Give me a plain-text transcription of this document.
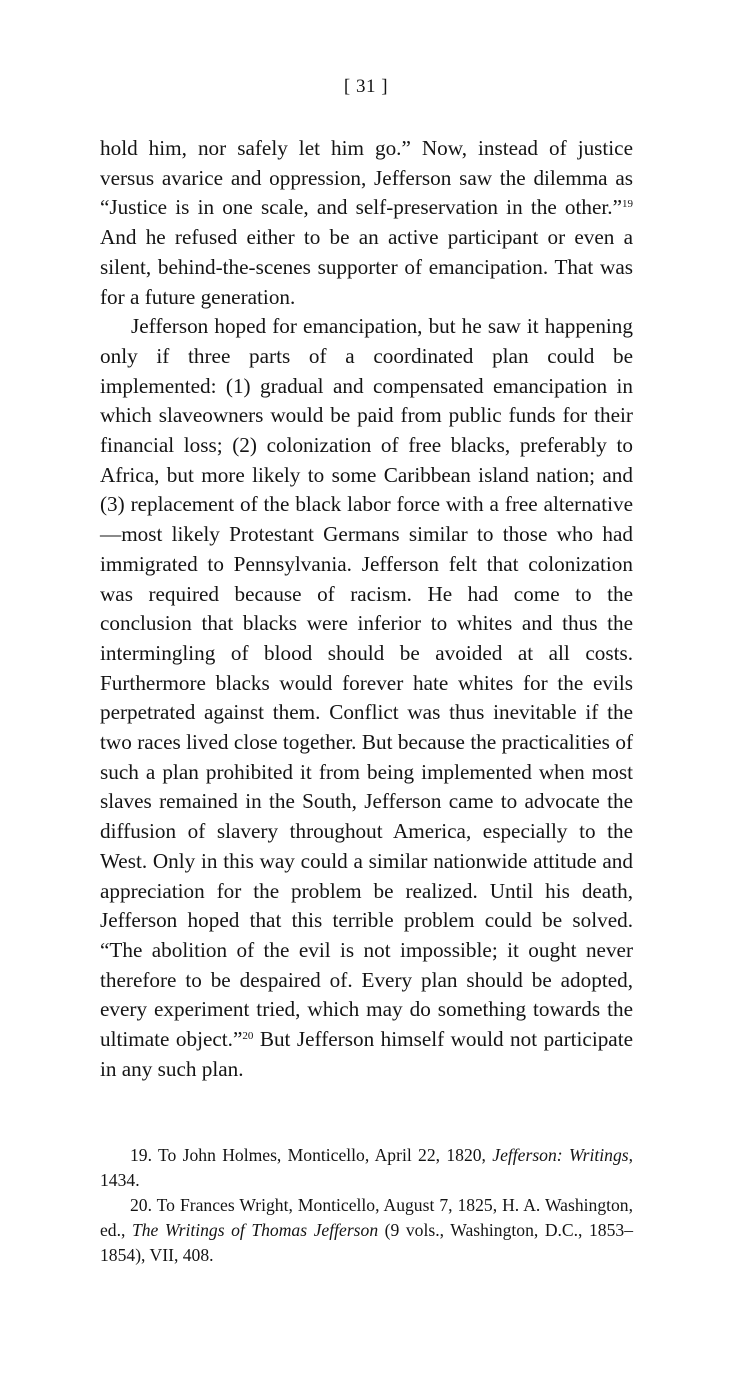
[ 31 ]

hold him, nor safely let him go.” Now, instead of justice versus avarice and oppression, Jefferson saw the dilemma as “Justice is in one scale, and self-preservation in the other.”$^{19}$ And he refused either to be an active participant or even a silent, behind-the-scenes supporter of emancipation. That was for a future generation.

Jefferson hoped for emancipation, but he saw it happening only if three parts of a coordinated plan could be implemented: (1) gradual and compensated emancipation in which slaveowners would be paid from public funds for their financial loss; (2) colonization of free blacks, preferably to Africa, but more likely to some Caribbean island nation; and (3) replacement of the black labor force with a free alternative—most likely Protestant Germans similar to those who had immigrated to Pennsylvania. Jefferson felt that colonization was required because of racism. He had come to the conclusion that blacks were inferior to whites and thus the intermingling of blood should be avoided at all costs. Furthermore blacks would forever hate whites for the evils perpetrated against them. Conflict was thus inevitable if the two races lived close together. But because the practicalities of such a plan prohibited it from being implemented when most slaves remained in the South, Jefferson came to advocate the diffusion of slavery throughout America, especially to the West. Only in this way could a similar nationwide attitude and appreciation for the problem be realized. Until his death, Jefferson hoped that this terrible problem could be solved. “The abolition of the evil is not impossible; it ought never therefore to be despaired of. Every plan should be adopted, every experiment tried, which may do something towards the ultimate object.”$^{20}$ But Jefferson himself would not participate in any such plan.

19. To John Holmes, Monticello, April 22, 1820, Jefferson: Writings, 1434.

20. To Frances Wright, Monticello, August 7, 1825, H. A. Washington, ed., The Writings of Thomas Jefferson (9 vols., Washington, D.C., 1853–1854), VII, 408.
